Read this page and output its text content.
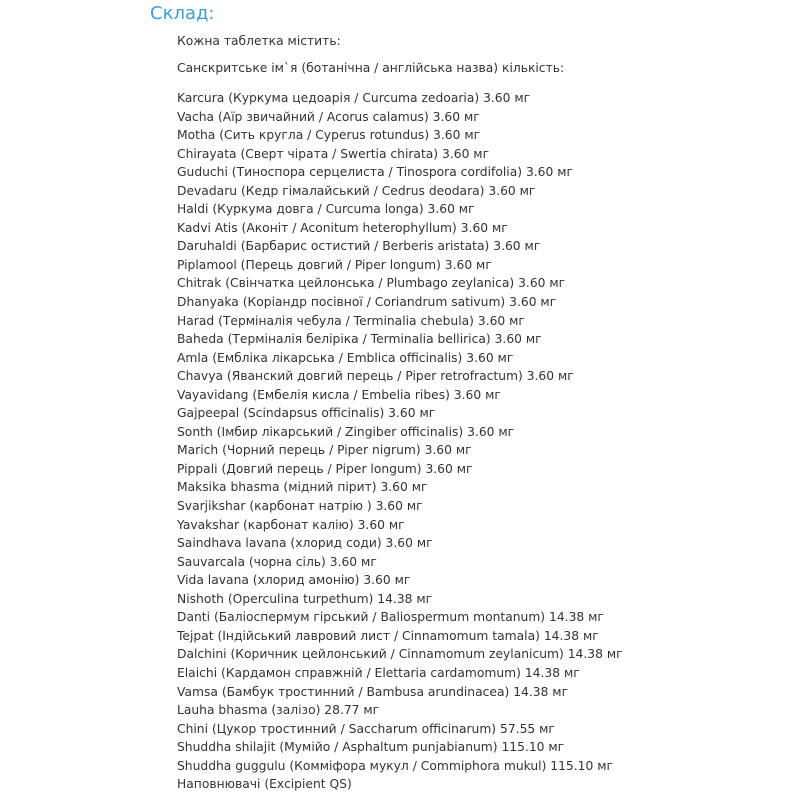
Склад:

Кожна таблетка містить:

Санскритське ім`я (ботанічна / англійська назва) кількість:

Karcura (Куркума цедоарія / Curcuma zedoaria) 3.60 мг
Vacha (Аїр звичайний / Acorus calamus) 3.60 мг
Motha (Сить кругла / Cyperus rotundus) 3.60 мг
Chirayata (Сверт чірата / Swertia chirata) 3.60 мг
Guduchi (Тиноспора серцелиста / Tinospora cordifolia) 3.60 мг
Devadaru (Кедр гімалайський / Cedrus deodara) 3.60 мг
Haldi (Куркума довга / Curcuma longa) 3.60 мг
Kadvi Atis (Аконіт / Aconitum heterophyllum) 3.60 мг
Daruhaldi (Барбарис остистий / Berberis aristata) 3.60 мг
Piplamool (Перець довгий / Piper longum) 3.60 мг
Chitrak (Свінчатка цейлонська / Plumbago zeylanica) 3.60 мг
Dhanyaka (Коріандр посівної / Coriandrum sativum) 3.60 мг
Harad (Терміналія чебула / Terminalia chebula) 3.60 мг
Baheda (Терміналія беліріка / Terminalia bellirica) 3.60 мг
Amla (Ембліка лікарська / Emblica officinalis) 3.60 мг
Chavya (Яванский довгий перець / Piper retrofractum) 3.60 мг
Vayavidang (Ембелія кисла / Embelia ribes) 3.60 мг
Gajpeepal (Scindapsus officinalis) 3.60 мг
Sonth (Імбир лікарський / Zingiber officinalis) 3.60 мг
Marich (Чорний перець / Piper nigrum) 3.60 мг
Pippali (Довгий перець / Piper longum) 3.60 мг
Maksika bhasma (мідний пірит) 3.60 мг
Svarjikshar (карбонат натрію ) 3.60 мг
Yavakshar (карбонат калію) 3.60 мг
Saindhava lavana (хлорид соди) 3.60 мг
Sauvarcala (чорна сіль) 3.60 мг
Vida lavana (хлорид амонію) 3.60 мг
Nishoth (Operculina turpethum) 14.38 мг
Danti (Баліоспермум гірський / Baliospermum montanum) 14.38 мг
Tejpat (Індійський лавровий лист / Cinnamomum tamala) 14.38 мг
Dalchini (Коричник цейлонський / Cinnamomum zeylanicum) 14.38 мг
Elaichi (Кардамон справжній / Elettaria cardamomum) 14.38 мг
Vamsa (Бамбук тростинний / Bambusa arundinacea) 14.38 мг
Lauha bhasma (залізо) 28.77 мг
Chini (Цукор тростинний / Saccharum officinarum) 57.55 мг
Shuddha shilajit (Мумійо / Asphaltum punjabianum) 115.10 мг
Shuddha guggulu (Комміфора мукул / Commiphora mukul) 115.10 мг
Наповнювачі (Excipient QS)
